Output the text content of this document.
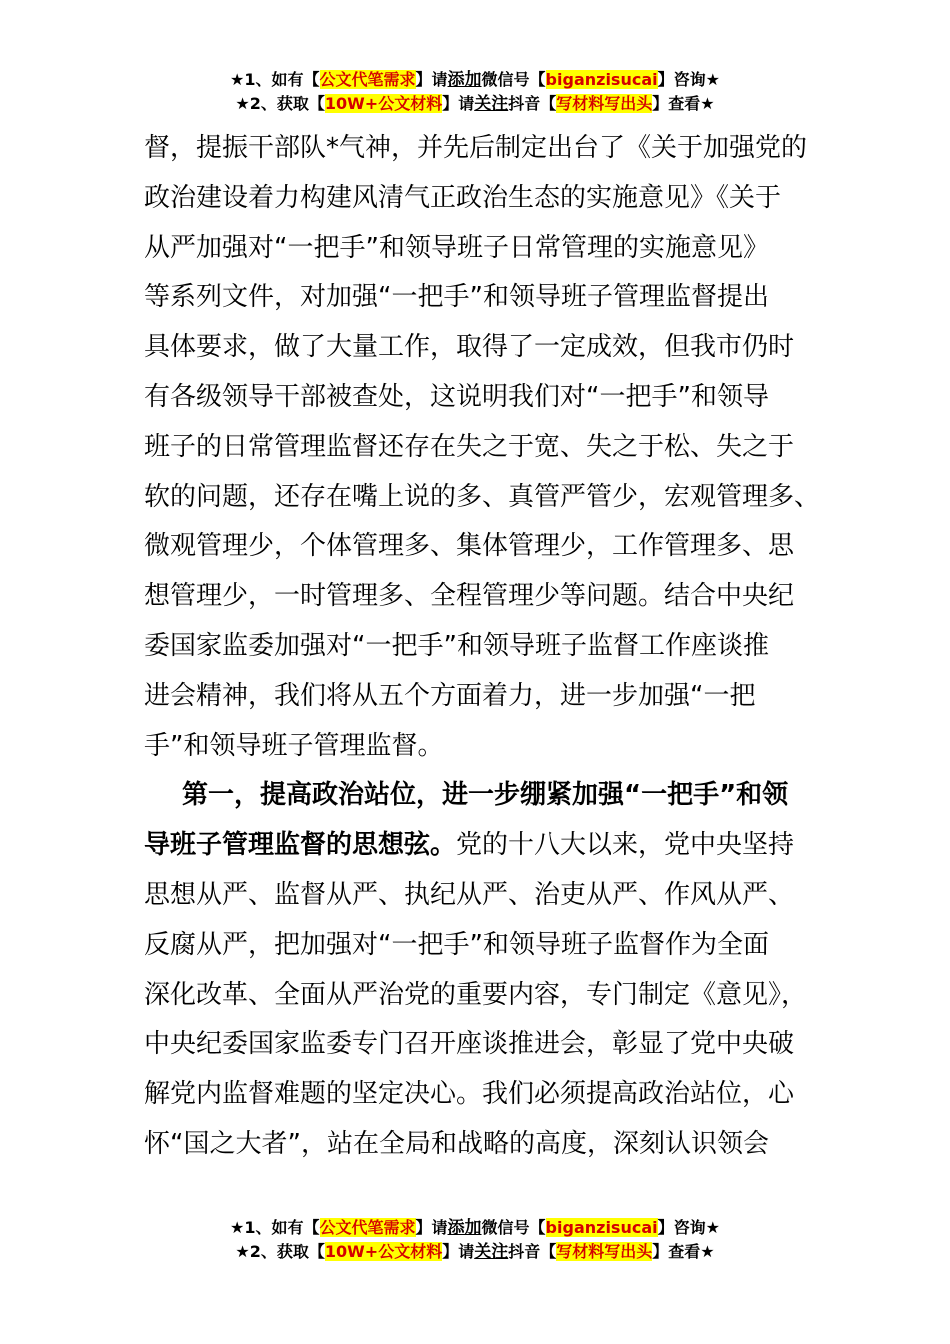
★1、如有【公文代笔需求】请添加微信号【biganzisucai】咨询★
★2、获取【10W+公文材料】请关注抖音【写材料写出头】查看★
督，提振干部队*气神，并先后制定出台了《关于加强党的
政治建设着力构建风清气正政治生态的实施意见》《关于
从严加强对“一把手”和领导班子日常管理的实施意见》
等系列文件，对加强“一把手”和领导班子管理监督提出
具体要求，做了大量工作，取得了一定成效，但我市仍时
有各级领导干部被查处，这说明我们对“一把手”和领导
班子的日常管理监督还存在失之于宽、失之于松、失之于
软的问题，还存在嘴上说的多、真管严管少，宏观管理多、
微观管理少，个体管理多、集体管理少，工作管理多、思
想管理少，一时管理多、全程管理少等问题。结合中央纪
委国家监委加强对“一把手”和领导班子监督工作座谈推
进会精神，我们将从五个方面着力，进一步加强“一把
手”和领导班子管理监督。
第一，提高政治站位，进一步绷紧加强“一把手”和领
导班子管理监督的思想弦。党的十八大以来，党中央坚持
思想从严、监督从严、执纪从严、治吏从严、作风从严、
反腐从严，把加强对“一把手”和领导班子监督作为全面
深化改革、全面从严治党的重要内容，专门制定《意见》，
中央纪委国家监委专门召开座谈推进会，彰显了党中央破
解党内监督难题的坚定决心。我们必须提高政治站位，心
怀“国之大者”，站在全局和战略的高度，深刻认识领会
★1、如有【公文代笔需求】请添加微信号【biganzisucai】咨询★
★2、获取【10W+公文材料】请关注抖音【写材料写出头】查看★
